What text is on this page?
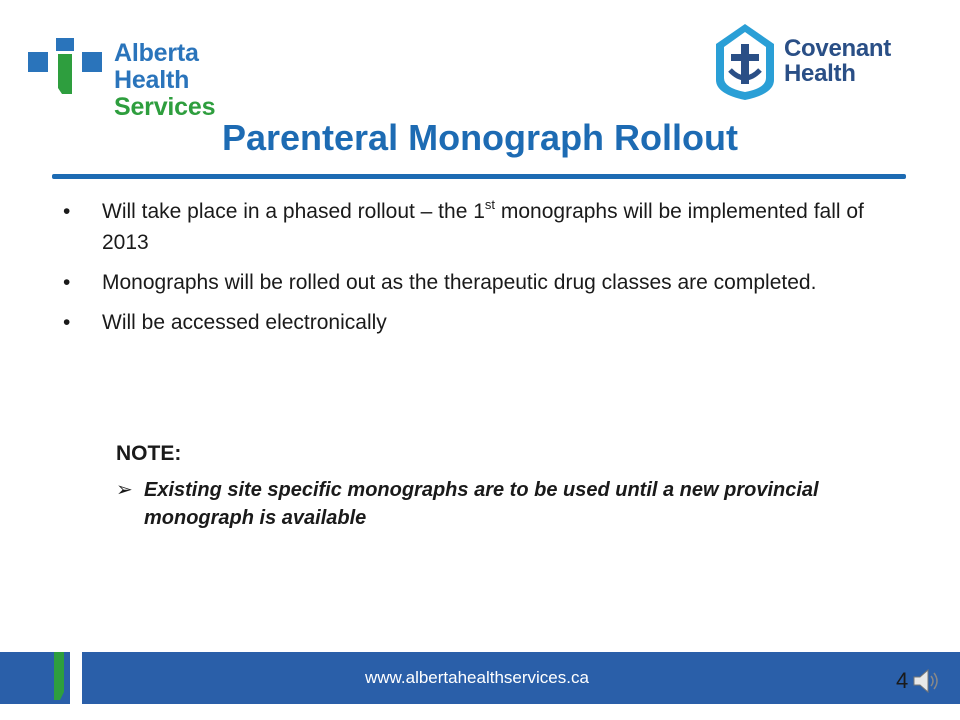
Alberta Health
Services
Covenant
Health
Parenteral Monograph Rollout
• Will take place in a phased rollout – the 1st monographs will be implemented fall of 2013
• Monographs will be rolled out as the therapeutic drug classes are completed.
• Will be accessed electronically
NOTE:
➢ Existing site specific monographs are to be used until a new provincial monograph is available
www.albertahealthservices.ca	4
